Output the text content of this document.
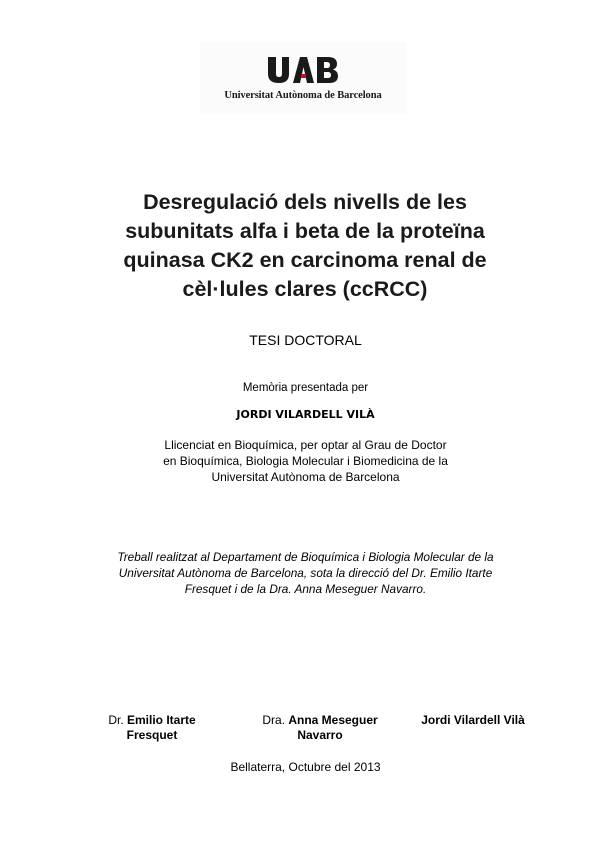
Universitat Autònoma de Barcelona
Desregulació dels nivells de les
subunitats alfa i beta de la proteïna
quinasa CK2 en carcinoma renal de
cèl·lules clares (ccRCC)
TESI DOCTORAL
Memòria presentada per
JORDI VILARDELL VILÀ
Llicenciat en Bioquímica, per optar al Grau de Doctor
en Bioquímica, Biologia Molecular i Biomedicina de la
Universitat Autònoma de Barcelona
Treball realitzat al Departament de Bioquímica i Biologia Molecular de la
Universitat Autònoma de Barcelona, sota la direcció del Dr. Emilio Itarte
Fresquet i de la Dra. Anna Meseguer Navarro.
Dr. Emilio Itarte
Fresquet
Dra. Anna Meseguer
Navarro
Jordi Vilardell Vilà
Bellaterra, Octubre del 2013
